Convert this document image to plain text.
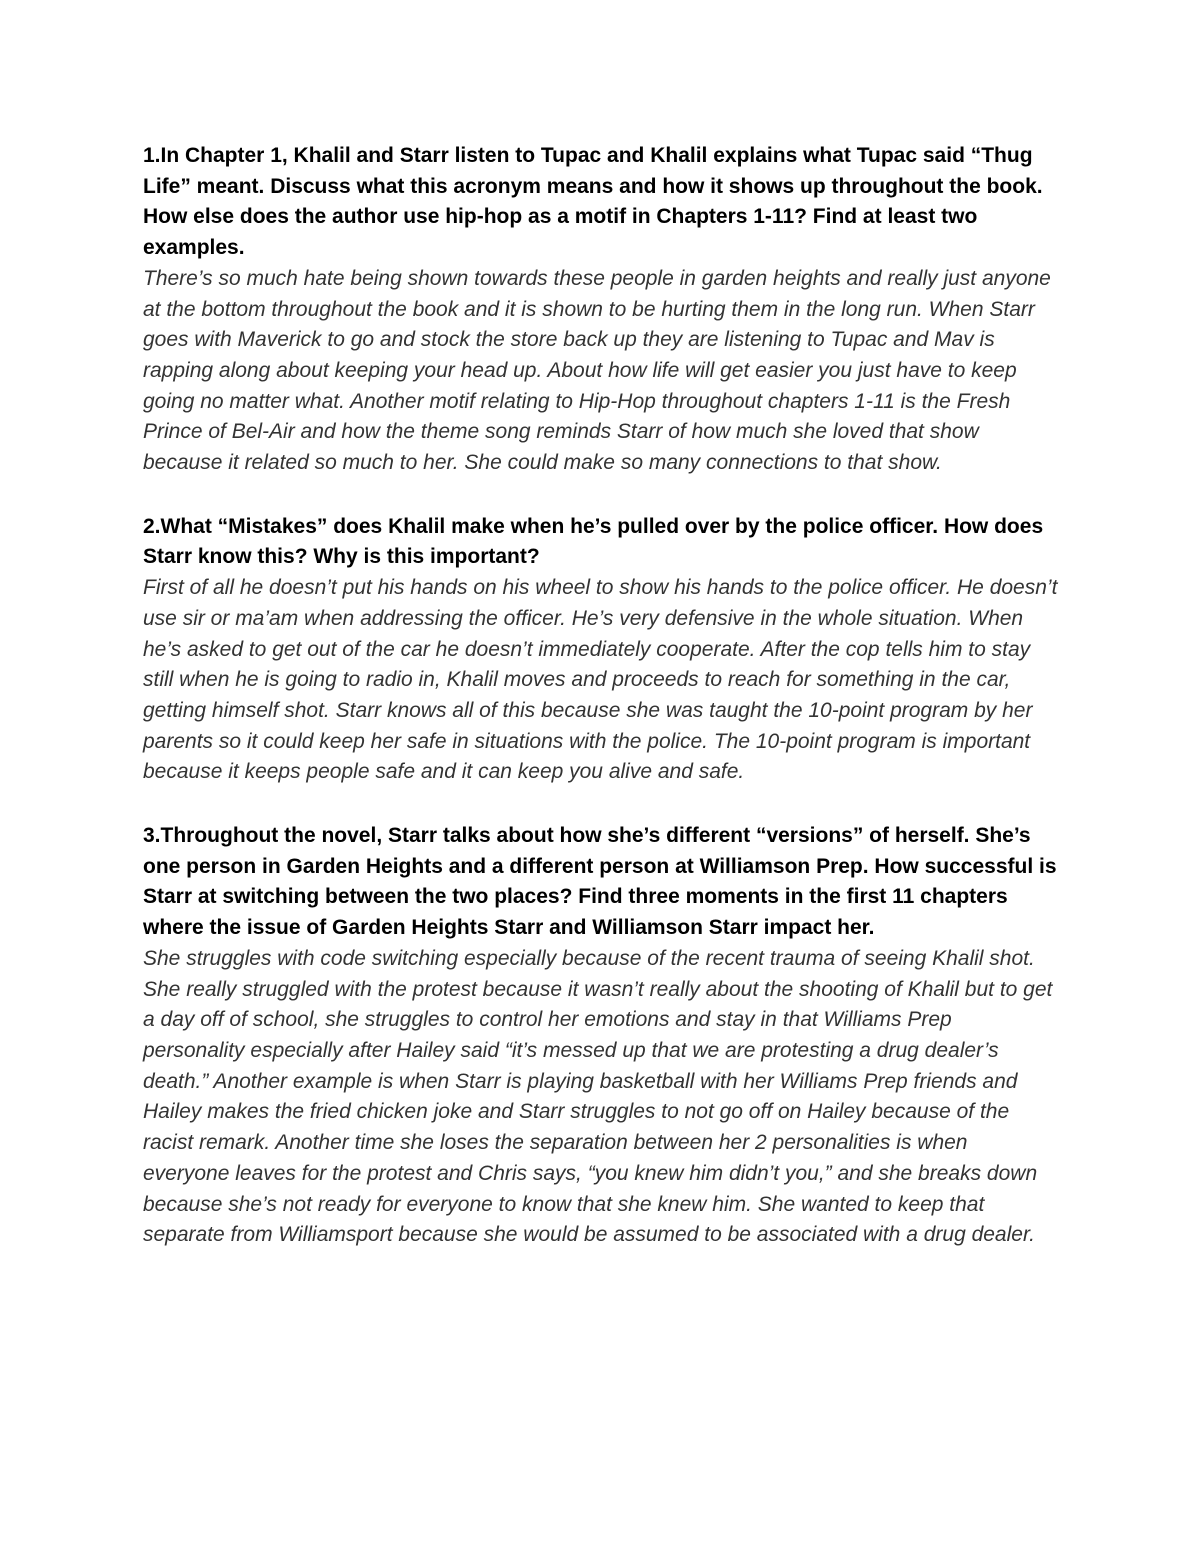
1.In Chapter 1, Khalil and Starr listen to Tupac and Khalil explains what Tupac said “Thug Life” meant. Discuss what this acronym means and how it shows up throughout the book. How else does the author use hip-hop as a motif in Chapters 1-11? Find at least two examples.

There’s so much hate being shown towards these people in garden heights and really just anyone at the bottom throughout the book and it is shown to be hurting them in the long run. When Starr goes with Maverick to go and stock the store back up they are listening to Tupac and Mav is rapping along about keeping your head up. About how life will get easier you just have to keep going no matter what. Another motif relating to Hip-Hop throughout chapters 1-11 is the Fresh Prince of Bel-Air and how the theme song reminds Starr of how much she loved that show because it related so much to her. She could make so many connections to that show.

2.What “Mistakes” does Khalil make when he’s pulled over by the police officer. How does Starr know this? Why is this important?

First of all he doesn’t put his hands on his wheel to show his hands to the police officer. He doesn’t use sir or ma’am when addressing the officer. He’s very defensive in the whole situation. When he’s asked to get out of the car he doesn’t immediately cooperate. After the cop tells him to stay still when he is going to radio in, Khalil moves and proceeds to reach for something in the car, getting himself shot. Starr knows all of this because she was taught the 10-point program by her parents so it could keep her safe in situations with the police. The 10-point program is important because it keeps people safe and it can keep you alive and safe.

3.Throughout the novel, Starr talks about how she’s different “versions” of herself. She’s one person in Garden Heights and a different person at Williamson Prep. How successful is Starr at switching between the two places? Find three moments in the first 11 chapters where the issue of Garden Heights Starr and Williamson Starr impact her.

She struggles with code switching especially because of the recent trauma of seeing Khalil shot. She really struggled with the protest because it wasn’t really about the shooting of Khalil but to get a day off of school, she struggles to control her emotions and stay in that Williams Prep personality especially after Hailey said “it’s messed up that we are protesting a drug dealer’s death.” Another example is when Starr is playing basketball with her Williams Prep friends and Hailey makes the fried chicken joke and Starr struggles to not go off on Hailey because of the racist remark. Another time she loses the separation between her 2 personalities is when everyone leaves for the protest and Chris says, “you knew him didn’t you,” and she breaks down because she’s not ready for everyone to know that she knew him. She wanted to keep that separate from Williamsport because she would be assumed to be associated with a drug dealer.
